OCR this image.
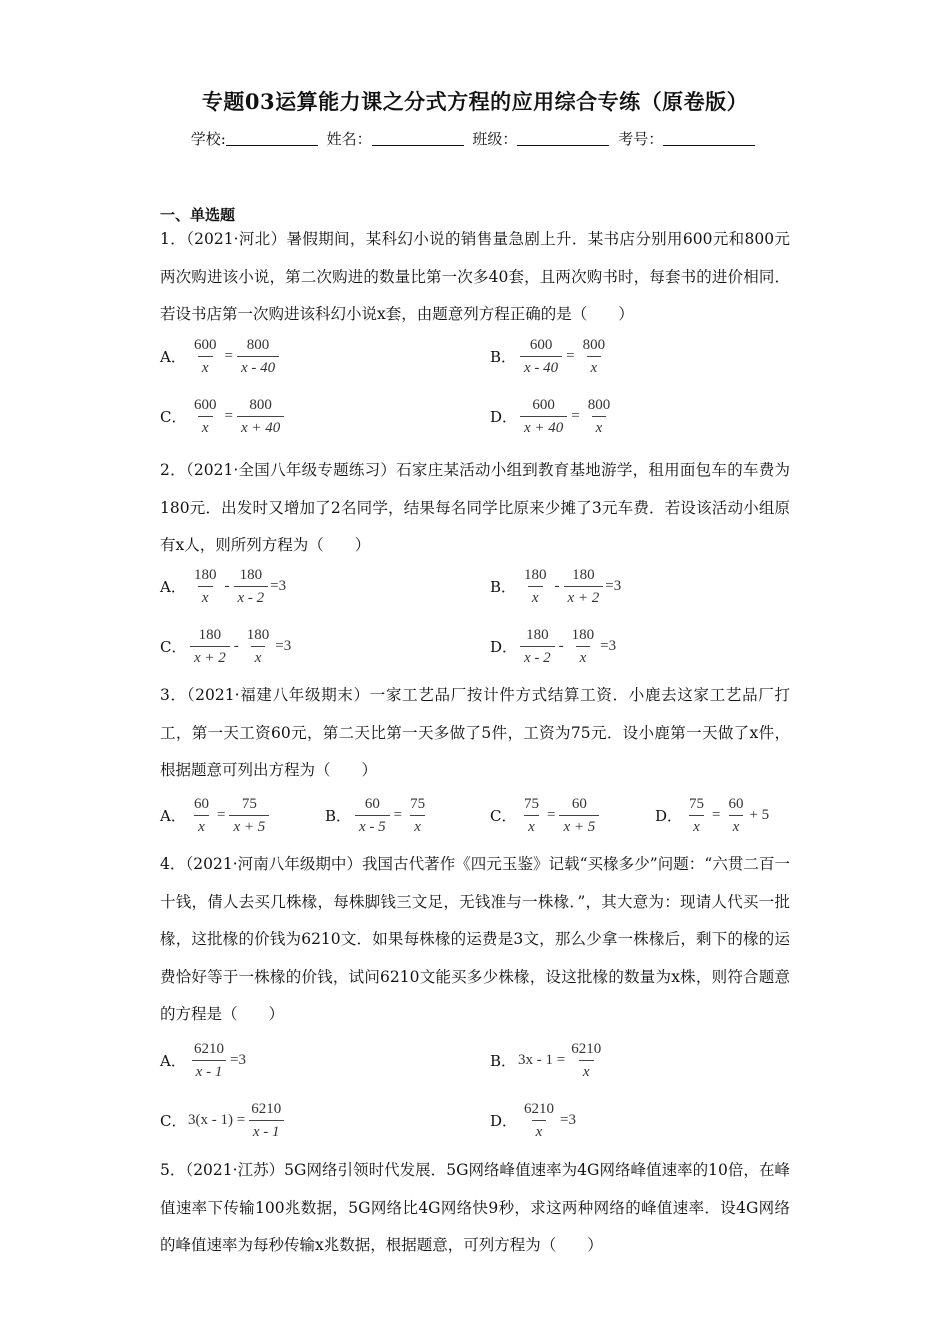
专题03运算能力课之分式方程的应用综合专练（原卷版）
学校:	姓名：	班级：	考号：
一、单选题
1．（2021·河北）暑假期间，某科幻小说的销售量急剧上升．某书店分别用600元和800元两次购进该小说，第二次购进的数量比第一次多40套，且两次购书时，每套书的进价相同．若设书店第一次购进该科幻小说x套，由题意列方程正确的是（　　）
A． $\frac{600}{x} = \frac{800}{x - 40}$	B． $\frac{600}{x - 40} = \frac{800}{x}$
C． $\frac{600}{x} = \frac{800}{x + 40}$	D． $\frac{600}{x + 40} = \frac{800}{x}$
2．（2021·全国八年级专题练习）石家庄某活动小组到教育基地游学，租用面包车的车费为180元．出发时又增加了2名同学，结果每名同学比原来少摊了3元车费．若设该活动小组原有x人，则所列方程为（　　）
A． $\frac{180}{x} - \frac{180}{x - 2} =3$	B． $\frac{180}{x} - \frac{180}{x + 2} =3$
C． $\frac{180}{x + 2} - \frac{180}{x} =3$	D． $\frac{180}{x - 2} - \frac{180}{x} =3$
3．（2021·福建八年级期末）一家工艺品厂按计件方式结算工资．小鹿去这家工艺品厂打工，第一天工资60元，第二天比第一天多做了5件，工资为75元．设小鹿第一天做了x件，根据题意可列出方程为（　　）
A． $\frac{60}{x} = \frac{75}{x + 5}$	B． $\frac{60}{x - 5} = \frac{75}{x}$	C． $\frac{75}{x} = \frac{60}{x + 5}$	D． $\frac{75}{x} = \frac{60}{x} + 5$
4．（2021·河南八年级期中）我国古代著作《四元玉鉴》记载“买椽多少”问题：“六贯二百一十钱，倩人去买几株椽，每株脚钱三文足，无钱准与一株椽．”，其大意为：现请人代买一批椽，这批椽的价钱为6210文．如果每株椽的运费是3文，那么少拿一株椽后，剩下的椽的运费恰好等于一株椽的价钱，试问6210文能买多少株椽，设这批椽的数量为x株，则符合题意的方程是（　　）
A． $\frac{6210}{x - 1} =3$	B． $3x - 1 = \frac{6210}{x}$
C． $3(x - 1) = \frac{6210}{x - 1}$	D． $\frac{6210}{x} =3$
5．（2021·江苏）5G网络引领时代发展．5G网络峰值速率为4G网络峰值速率的10倍，在峰值速率下传输100兆数据，5G网络比4G网络快9秒，求这两种网络的峰值速率．设4G网络的峰值速率为每秒传输x兆数据，根据题意，可列方程为（　　）
